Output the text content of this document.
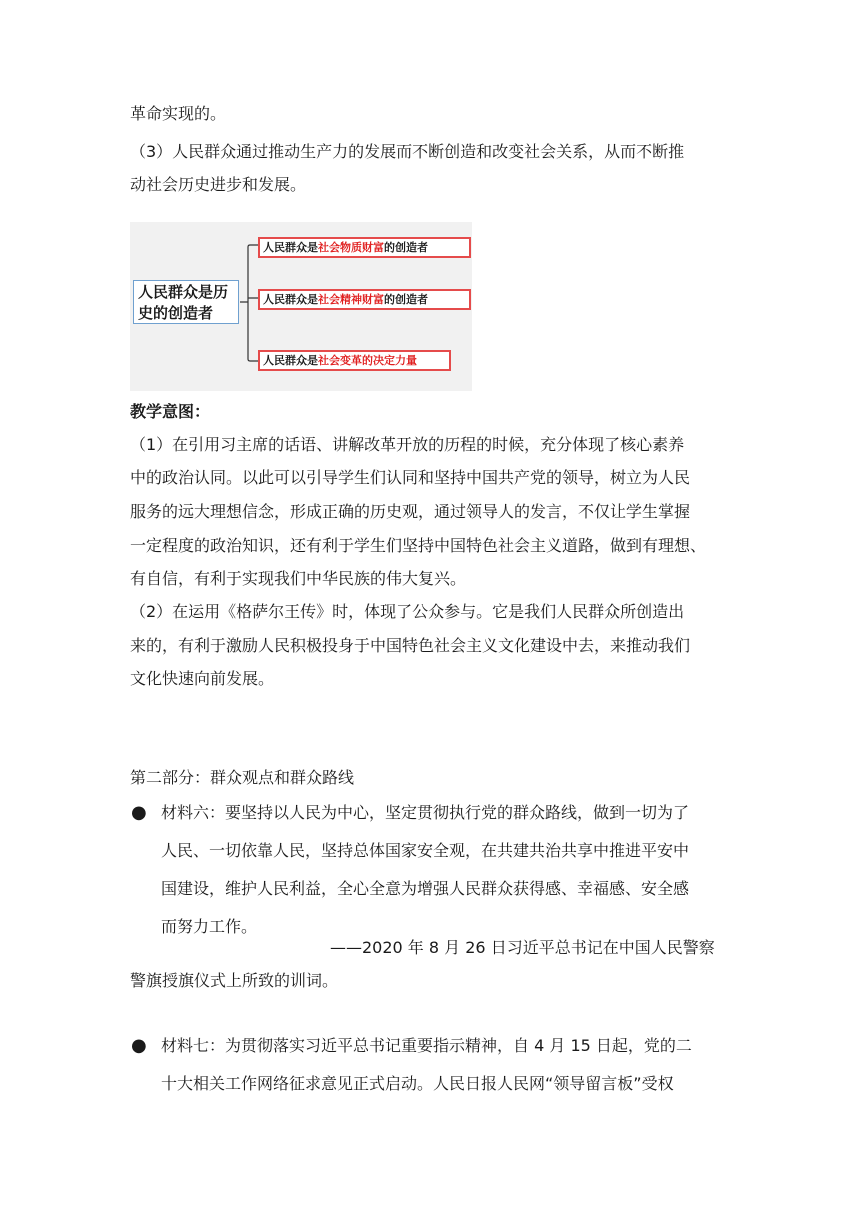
革命实现的。
（3）人民群众通过推动生产力的发展而不断创造和改变社会关系，从而不断推
动社会历史进步和发展。
人民群众是历
史的创造者
人民群众是社会物质财富的创造者
人民群众是社会精神财富的创造者
人民群众是社会变革的决定力量
教学意图：
（1）在引用习主席的话语、讲解改革开放的历程的时候，充分体现了核心素养
中的政治认同。以此可以引导学生们认同和坚持中国共产党的领导，树立为人民
服务的远大理想信念，形成正确的历史观，通过领导人的发言，不仅让学生掌握
一定程度的政治知识，还有利于学生们坚持中国特色社会主义道路，做到有理想、
有自信，有利于实现我们中华民族的伟大复兴。
（2）在运用《格萨尔王传》时，体现了公众参与。它是我们人民群众所创造出
来的，有利于激励人民积极投身于中国特色社会主义文化建设中去，来推动我们
文化快速向前发展。
第二部分：群众观点和群众路线
● 材料六：要坚持以人民为中心，坚定贯彻执行党的群众路线，做到一切为了
人民、一切依靠人民，坚持总体国家安全观，在共建共治共享中推进平安中
国建设，维护人民利益，全心全意为增强人民群众获得感、幸福感、安全感
而努力工作。
——2020 年 8 月 26 日习近平总书记在中国人民警察
警旗授旗仪式上所致的训词。
● 材料七：为贯彻落实习近平总书记重要指示精神，自 4 月 15 日起，党的二
十大相关工作网络征求意见正式启动。人民日报人民网“领导留言板”受权
